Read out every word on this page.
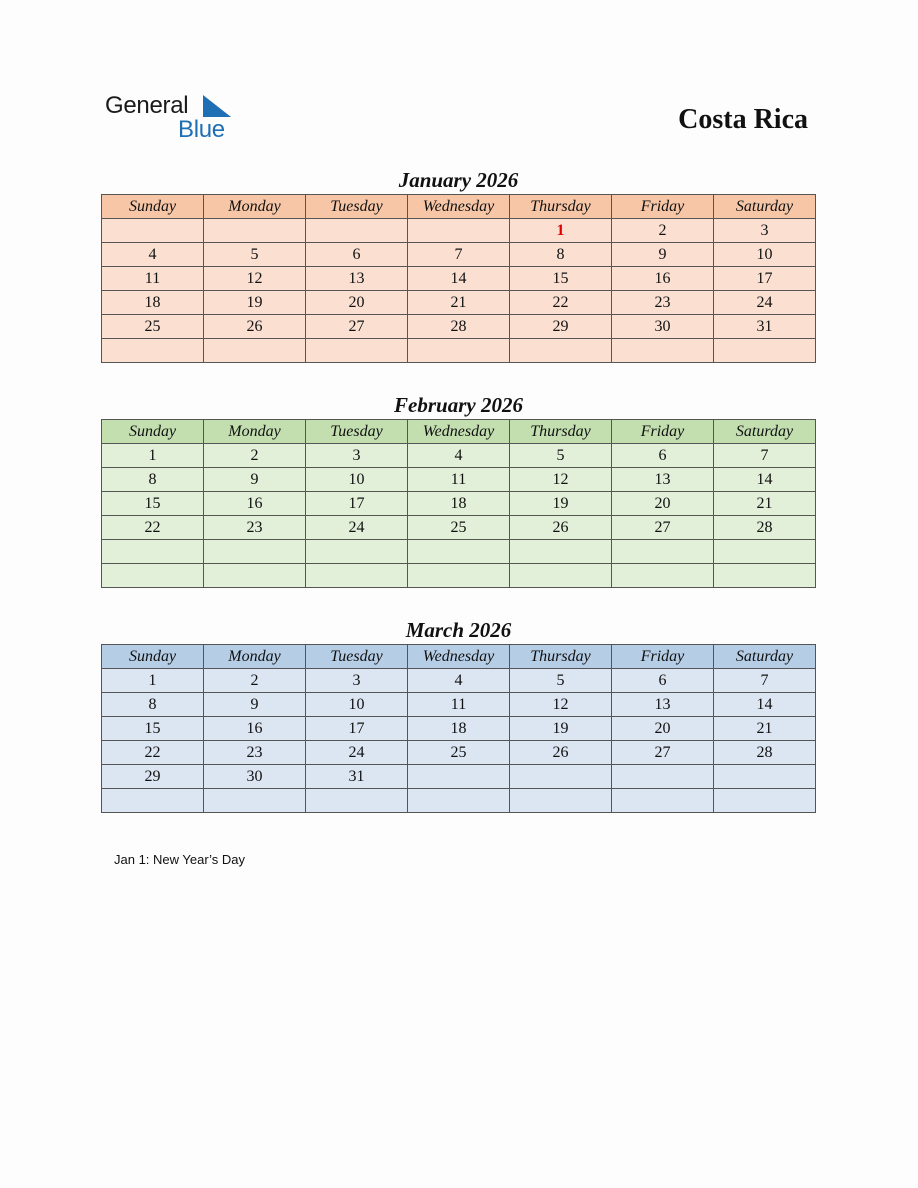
General
Blue	Costa Rica
January 2026
Sunday	Monday	Tuesday	Wednesday	Thursday	Friday	Saturday
				1	2	3
4	5	6	7	8	9	10
11	12	13	14	15	16	17
18	19	20	21	22	23	24
25	26	27	28	29	30	31

February 2026
Sunday	Monday	Tuesday	Wednesday	Thursday	Friday	Saturday
1	2	3	4	5	6	7
8	9	10	11	12	13	14
15	16	17	18	19	20	21
22	23	24	25	26	27	28

March 2026
Sunday	Monday	Tuesday	Wednesday	Thursday	Friday	Saturday
1	2	3	4	5	6	7
8	9	10	11	12	13	14
15	16	17	18	19	20	21
22	23	24	25	26	27	28
29	30	31				

Jan 1: New Year’s Day
